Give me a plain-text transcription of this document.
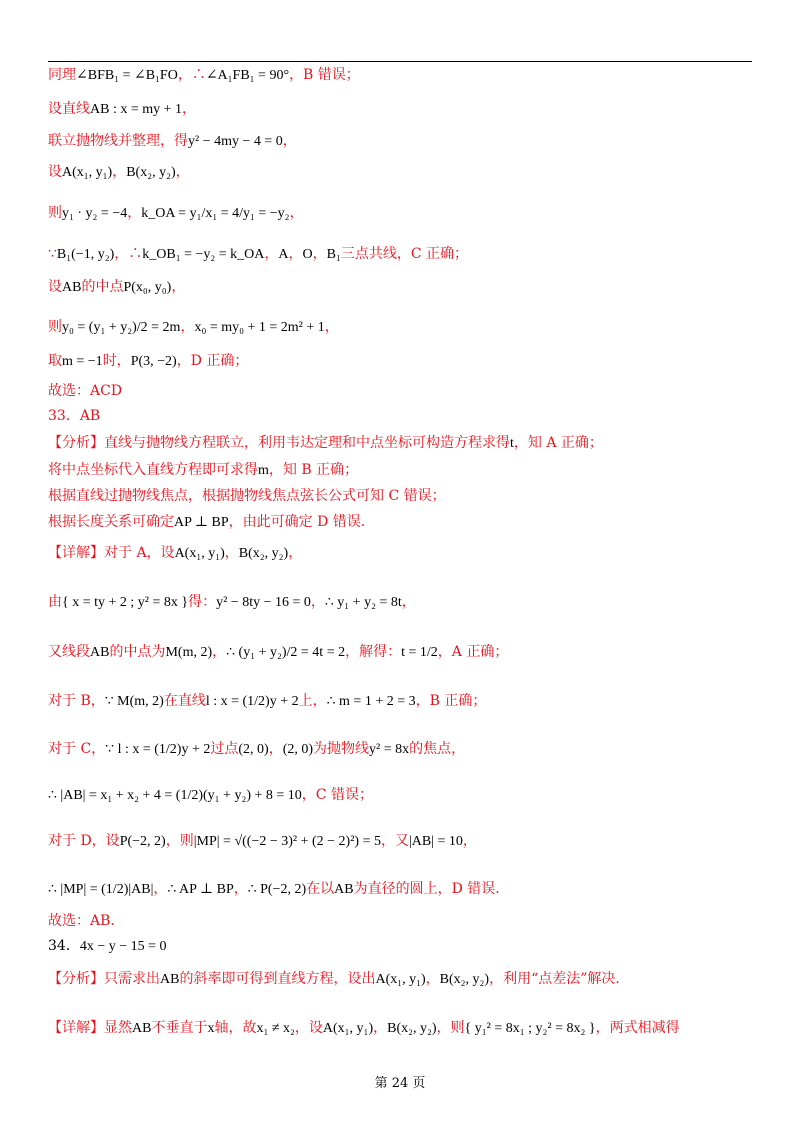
同理∠BFB₁ = ∠B₁FO，∴∠A₁FB₁ = 90°，B 错误；
设直线AB : x = my + 1，
联立抛物线并整理，得y² − 4my − 4 = 0，
设A(x₁, y₁)，B(x₂, y₂)，
则y₁ · y₂ = −4，k_OA = y₁/x₁ = 4/y₁ = −y₂，
∵B₁(−1, y₂)，∴k_OB₁ = −y₂ = k_OA，A，O，B₁三点共线，C 正确；
设AB的中点P(x₀, y₀)，
则y₀ = (y₁ + y₂)/2 = 2m，x₀ = my₀ + 1 = 2m² + 1，
取m = −1时，P(3, −2)，D 正确；
故选：ACD
33．AB
【分析】直线与抛物线方程联立，利用韦达定理和中点坐标可构造方程求得t，知 A 正确；
将中点坐标代入直线方程即可求得m，知 B 正确；
根据直线过抛物线焦点，根据抛物线焦点弦长公式可知 C 错误；
根据长度关系可确定AP ⊥ BP，由此可确定 D 错误.
【详解】对于 A，设A(x₁, y₁)，B(x₂, y₂)，
由{ x = ty + 2 ; y² = 8x }得：y² − 8ty − 16 = 0，∴ y₁ + y₂ = 8t，
又线段AB的中点为M(m, 2)，∴ (y₁ + y₂)/2 = 4t = 2，解得：t = 1/2，A 正确；
对于 B，∵ M(m, 2)在直线l : x = (1/2)y + 2上，∴ m = 1 + 2 = 3，B 正确；
对于 C，∵ l : x = (1/2)y + 2过点(2, 0)，(2, 0)为抛物线y² = 8x的焦点，
∴ |AB| = x₁ + x₂ + 4 = (1/2)(y₁ + y₂) + 8 = 10，C 错误；
对于 D，设P(−2, 2)，则|MP| = √((−2 − 3)² + (2 − 2)²) = 5，又|AB| = 10，
∴ |MP| = (1/2)|AB|，∴ AP ⊥ BP，∴ P(−2, 2)在以AB为直径的圆上，D 错误.
故选：AB.
34．4x − y − 15 = 0
【分析】只需求出AB的斜率即可得到直线方程，设出A(x₁, y₁)，B(x₂, y₂)，利用“点差法”解决.
【详解】显然AB不垂直于x轴，故x₁ ≠ x₂，设A(x₁, y₁)，B(x₂, y₂)，则{ y₁² = 8x₁ ; y₂² = 8x₂ }，两式相减得
第 24 页
